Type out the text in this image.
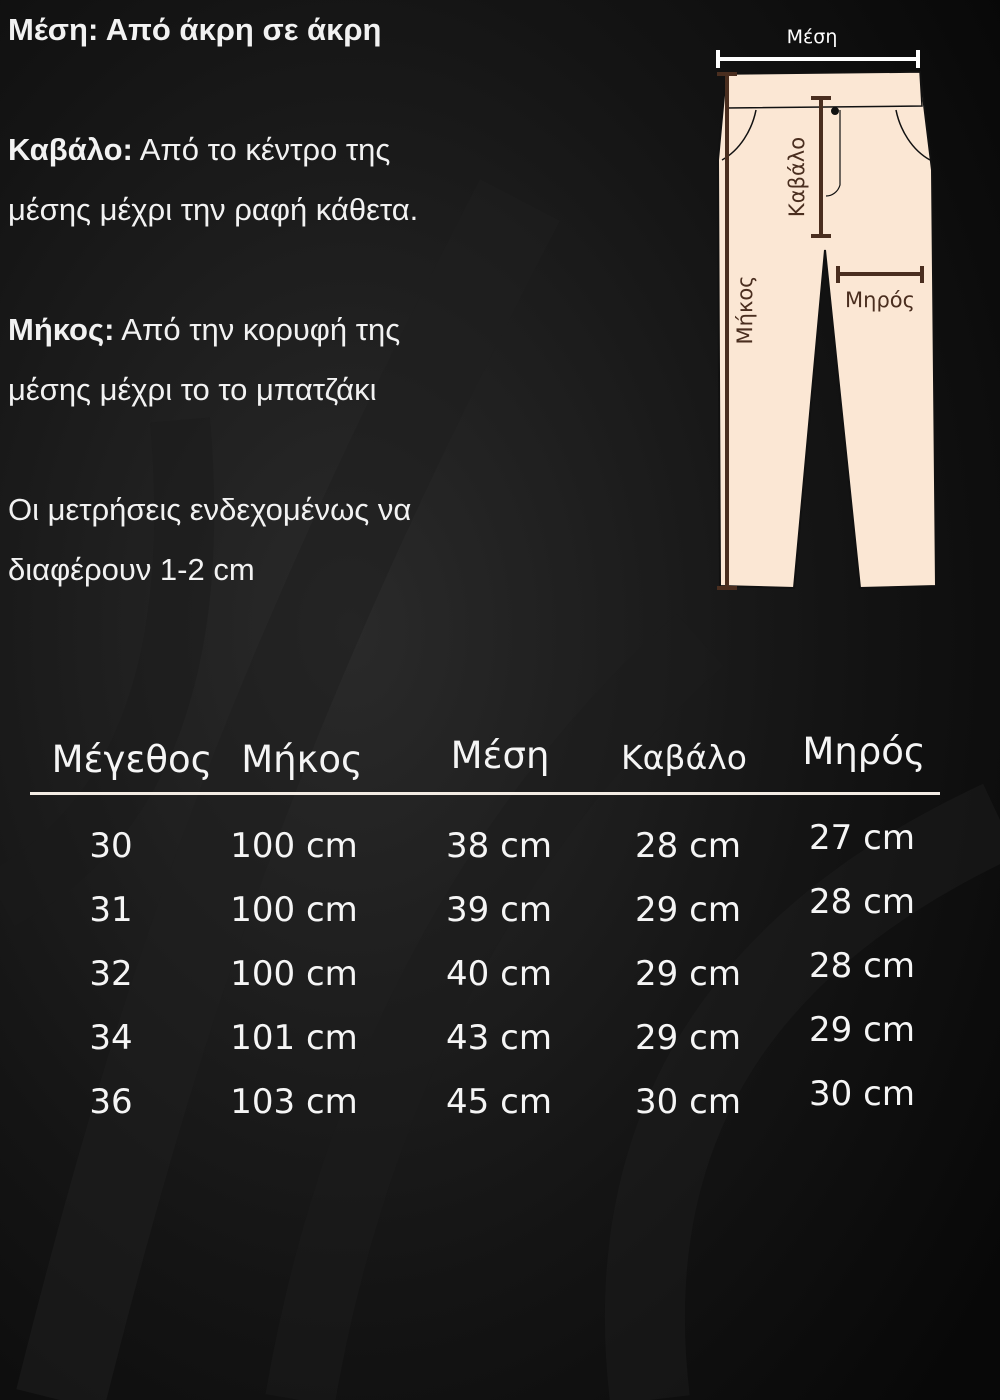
Μέση: Από άκρη σε άκρη

Καβάλο: Από το κέντρο της

μέσης μέχρι την ραφή κάθετα.

Μήκος: Από την κορυφή της

μέσης μέχρι το το μπατζάκι

Οι μετρήσεις ενδεχομένως να

διαφέρουν 1-2 cm

Μέση
Μήκος
Καβάλο
Μηρός
Μέγεθος Μήκος Μέση Καβάλο Μηρός
30	100 cm	38 cm 28 cm 27 cm
31	100 cm	39 cm 29 cm 28 cm
32	100 cm	40 cm 29 cm 28 cm
34	101 cm	43 cm 29 cm 29 cm
36	103 cm	45 cm 30 cm 30 cm
